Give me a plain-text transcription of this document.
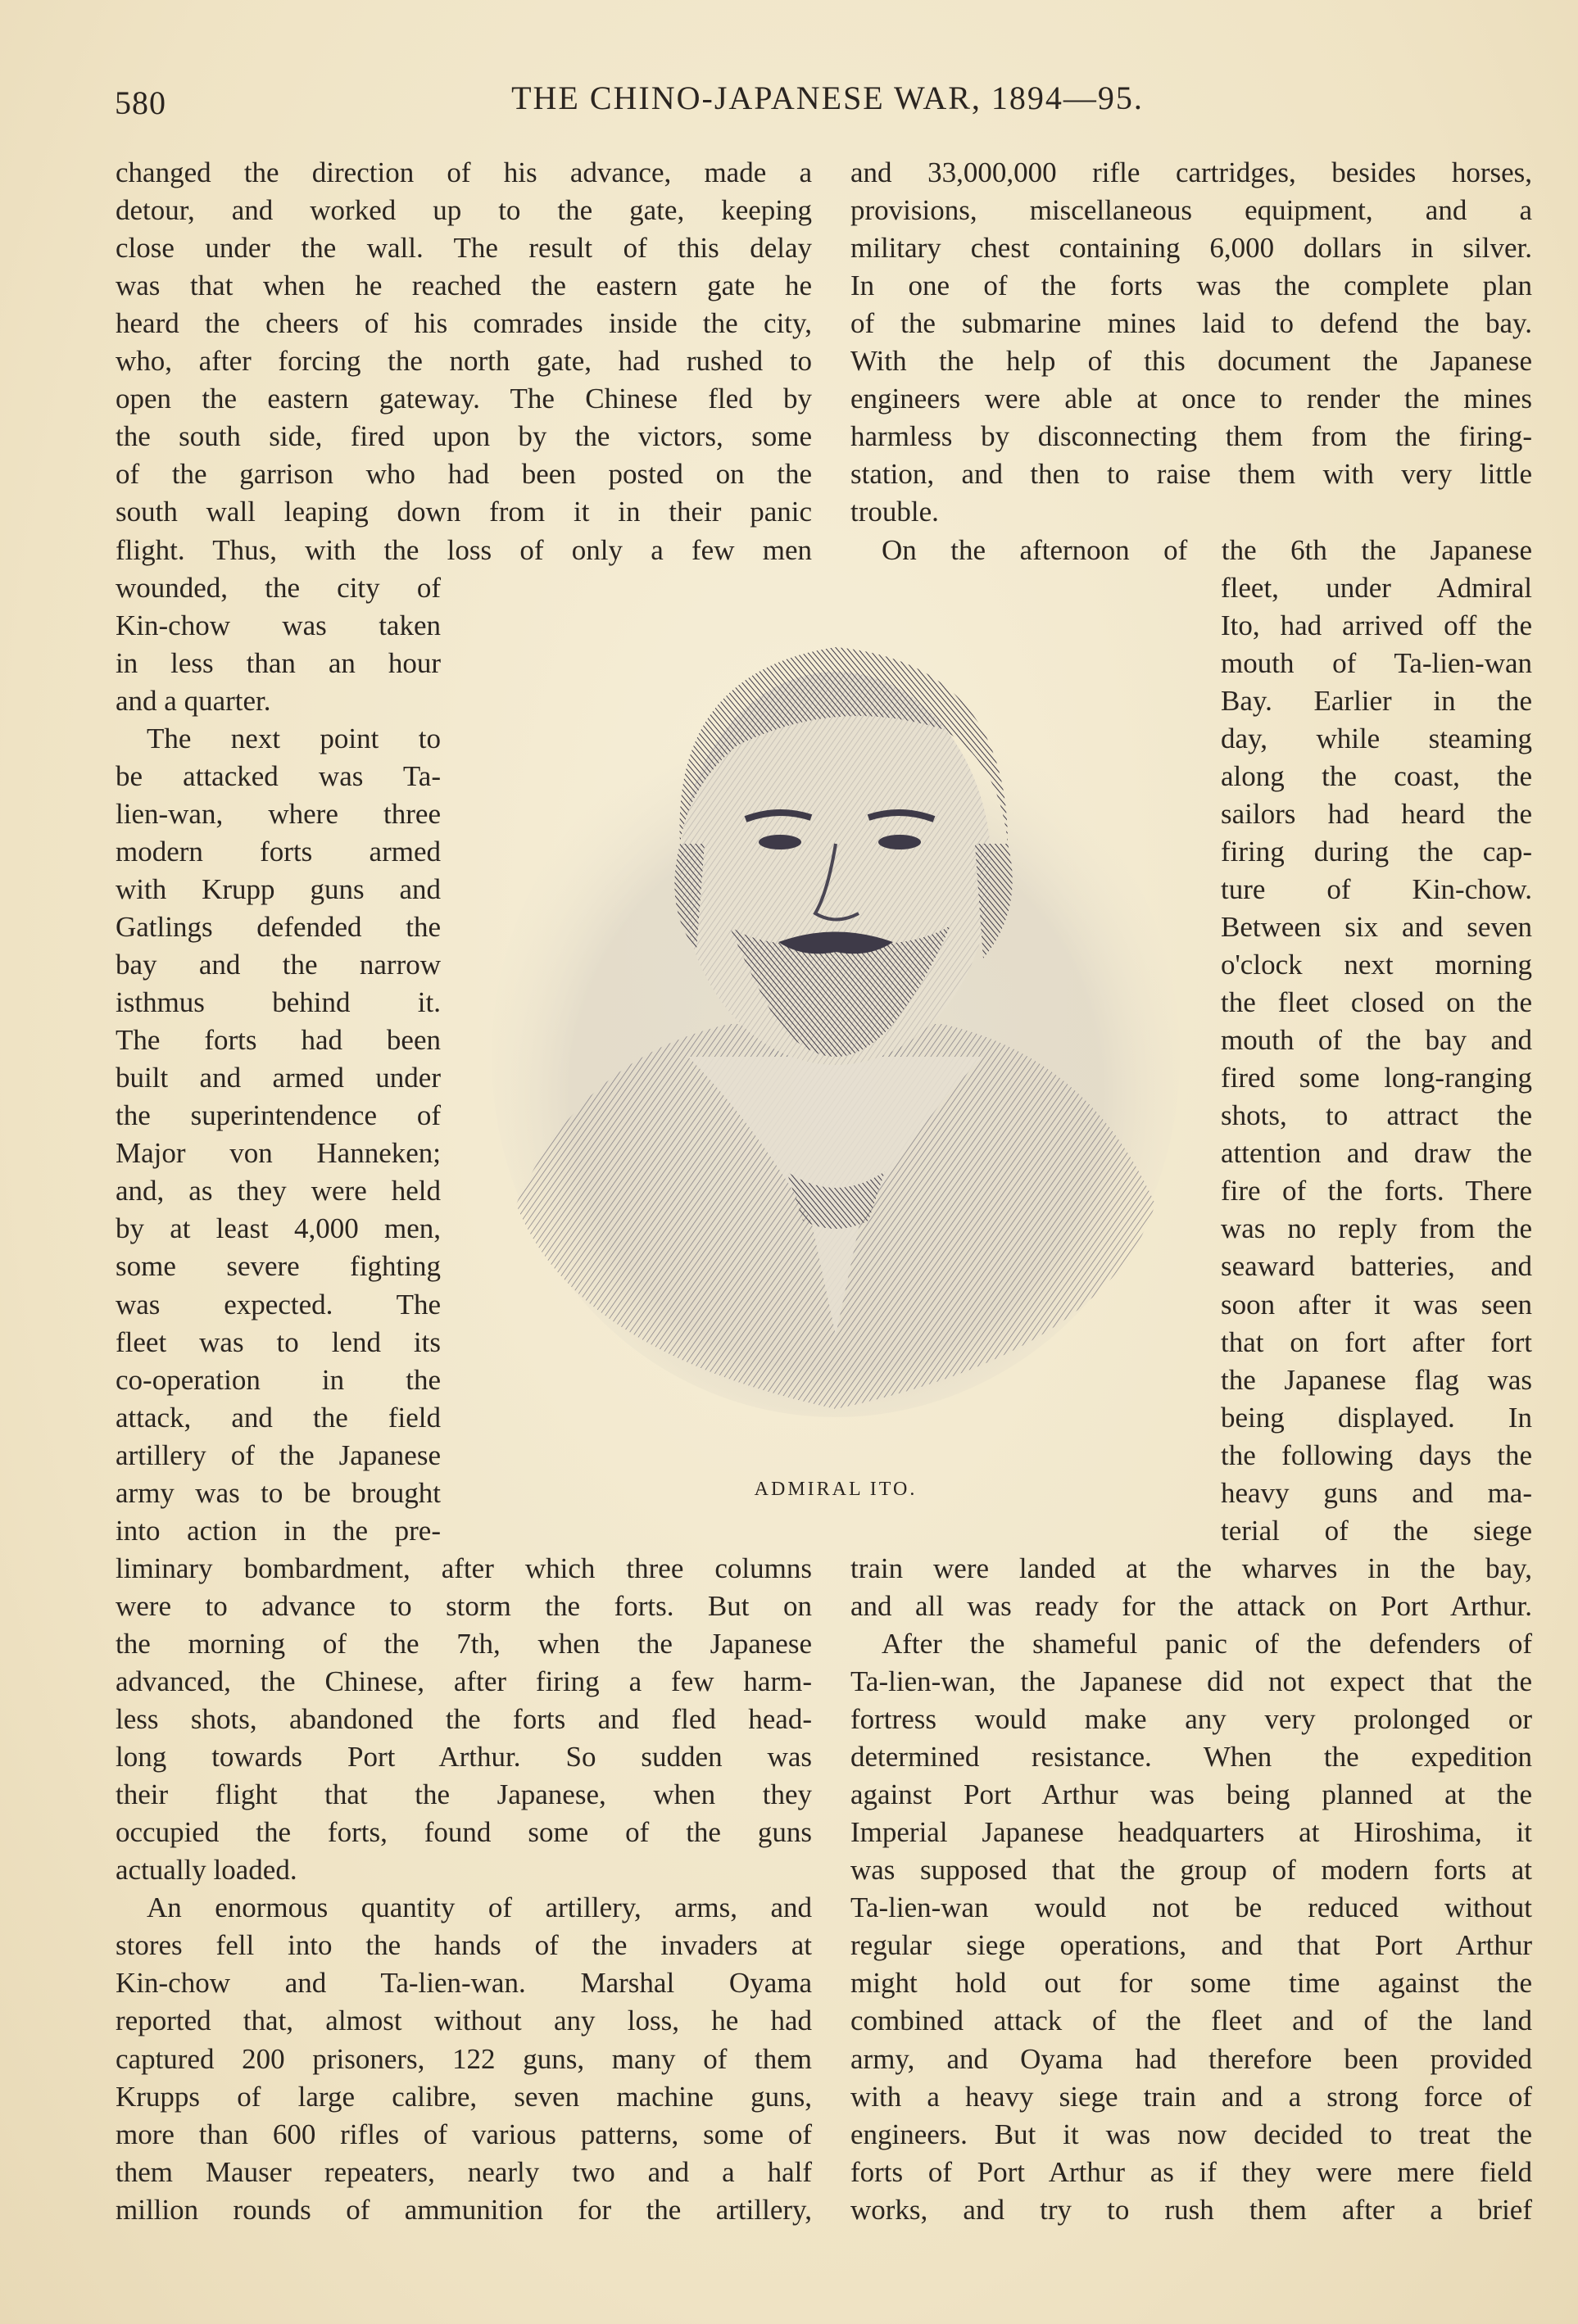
580	THE CHINO-JAPANESE WAR, 1894—95.
changed the direction of his advance, made a
detour, and worked up to the gate, keeping
close under the wall. The result of this delay
was that when he reached the eastern gate he
heard the cheers of his comrades inside the city,
who, after forcing the north gate, had rushed to
open the eastern gateway. The Chinese fled by
the south side, fired upon by the victors, some
of the garrison who had been posted on the
south wall leaping down from it in their panic
flight. Thus, with the loss of only a few men
wounded, the city of
Kin-chow was taken
in less than an hour
and a quarter.
The next point to
be attacked was Ta-
lien-wan, where three
modern forts armed
with Krupp guns and
Gatlings defended the
bay and the narrow
isthmus behind it.
The forts had been
built and armed under
the superintendence of
Major von Hanneken;
and, as they were held
by at least 4,000 men,
some severe fighting
was expected. The
fleet was to lend its
co-operation in the
attack, and the field
artillery of the Japanese
army was to be brought
into action in the pre-
liminary bombardment, after which three columns
were to advance to storm the forts. But on
the morning of the 7th, when the Japanese
advanced, the Chinese, after firing a few harm-
less shots, abandoned the forts and fled head-
long towards Port Arthur. So sudden was
their flight that the Japanese, when they
occupied the forts, found some of the guns
actually loaded.
An enormous quantity of artillery, arms, and
stores fell into the hands of the invaders at
Kin-chow and Ta-lien-wan. Marshal Oyama
reported that, almost without any loss, he had
captured 200 prisoners, 122 guns, many of them
Krupps of large calibre, seven machine guns,
more than 600 rifles of various patterns, some of
them Mauser repeaters, nearly two and a half
million rounds of ammunition for the artillery,
and 33,000,000 rifle cartridges, besides horses,
provisions, miscellaneous equipment, and a
military chest containing 6,000 dollars in silver.
In one of the forts was the complete plan
of the submarine mines laid to defend the bay.
With the help of this document the Japanese
engineers were able at once to render the mines
harmless by disconnecting them from the firing-
station, and then to raise them with very little
trouble.
On the afternoon of the 6th the Japanese
fleet, under Admiral
Ito, had arrived off the
mouth of Ta-lien-wan
Bay. Earlier in the
day, while steaming
along the coast, the
sailors had heard the
firing during the cap-
ture of Kin-chow.
Between six and seven
o'clock next morning
the fleet closed on the
mouth of the bay and
fired some long-ranging
shots, to attract the
attention and draw the
fire of the forts. There
was no reply from the
seaward batteries, and
soon after it was seen
that on fort after fort
the Japanese flag was
being displayed. In
the following days the
heavy guns and ma-
terial of the siege
train were landed at the wharves in the bay,
and all was ready for the attack on Port Arthur.
After the shameful panic of the defenders of
Ta-lien-wan, the Japanese did not expect that the
fortress would make any very prolonged or
determined resistance. When the expedition
against Port Arthur was being planned at the
Imperial Japanese headquarters at Hiroshima, it
was supposed that the group of modern forts at
Ta-lien-wan would not be reduced without
regular siege operations, and that Port Arthur
might hold out for some time against the
combined attack of the fleet and of the land
army, and Oyama had therefore been provided
with a heavy siege train and a strong force of
engineers. But it was now decided to treat the
forts of Port Arthur as if they were mere field
works, and try to rush them after a brief
ADMIRAL ITO.
